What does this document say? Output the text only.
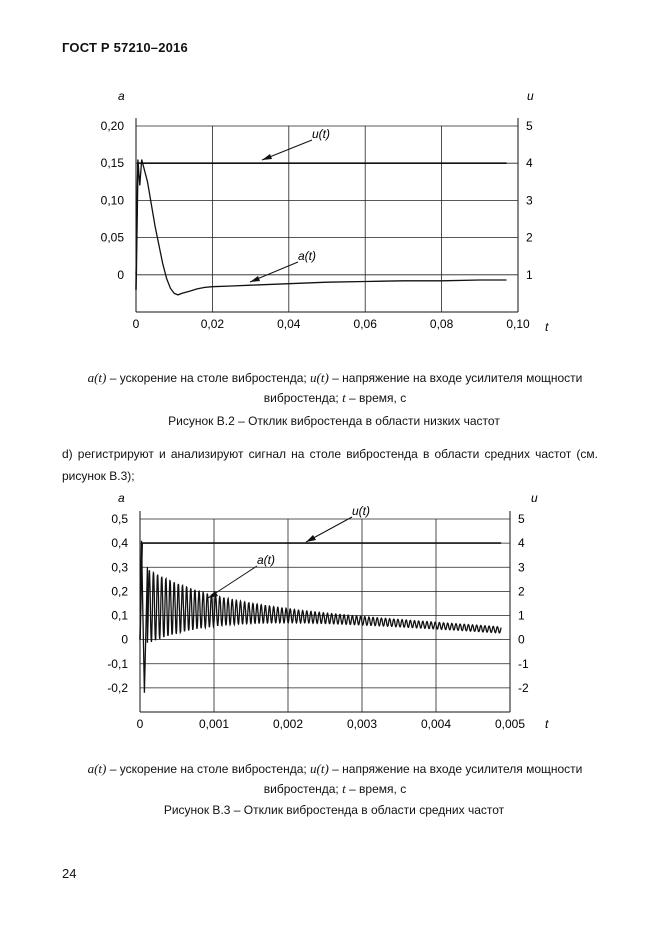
ГОСТ Р 57210–2016
0,20
0,15
0,10
0,05
0
5
4
3
2
1
0	0,02	0,04	0,06	0,08	0,10
a	u
t
u(t)
a(t)
a(t) – ускорение на столе вибростенда; u(t) – напряжение на входе усилителя мощности вибростенда; t – время, с
Рисунок В.2 – Отклик вибростенда в области низких частот
d) регистрируют и анализируют сигнал на столе вибростенда в области средних частот (см. рисунок В.3);
0,5
0,4
0,3
0,2
0,1
0
-0,1
-0,2
5
4
3
2
1
0
-1
-2
0	0,001	0,002	0,003	0,004	0,005
a	u
t
u(t)
a(t)
a(t) – ускорение на столе вибростенда; u(t) – напряжение на входе усилителя мощности вибростенда; t – время, с
Рисунок В.3 – Отклик вибростенда в области средних частот
24
